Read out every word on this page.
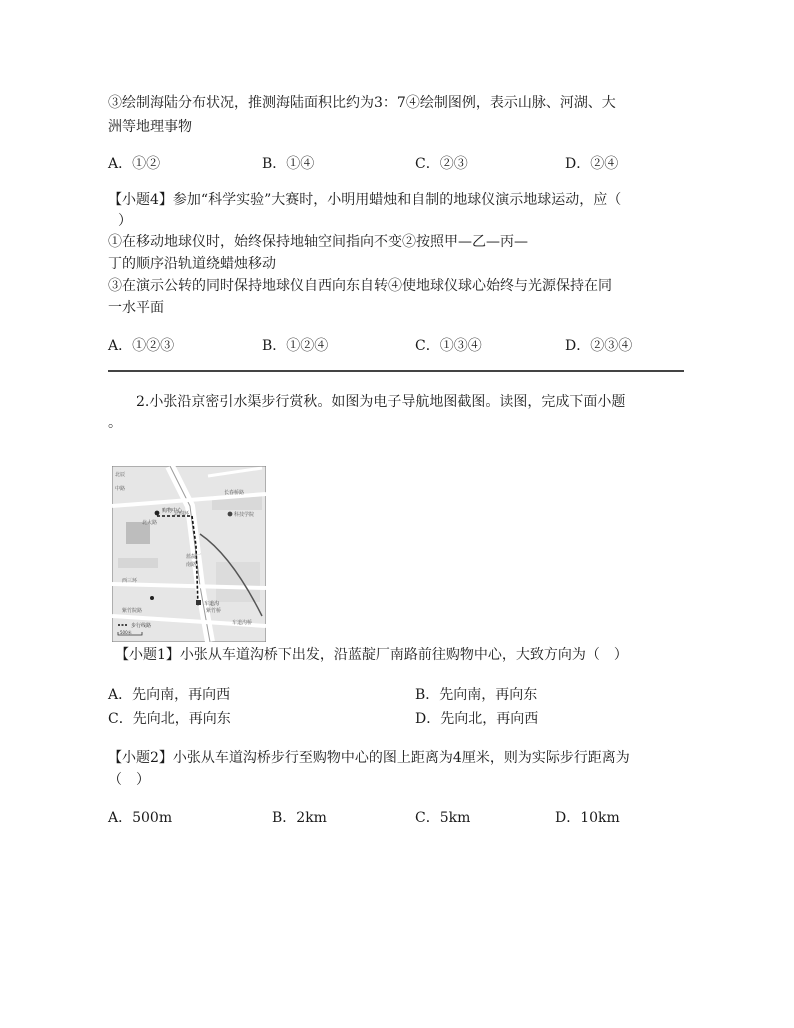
③绘制海陆分布状况，推测海陆面积比约为3：7④绘制图例，表示山脉、河湖、大
洲等地理事物
A．①②	B．①④	C．②③	D．②④
【小题4】参加“科学实验”大赛时，小明用蜡烛和自制的地球仪演示地球运动，应（
）
①在移动地球仪时，始终保持地轴空间指向不变②按照甲—乙—丙—
丁的顺序沿轨道绕蜡烛移动
③在演示公转的同时保持地球仪自西向东自转④使地球仪球心始终与光源保持在同
一水平面
A．①②③	B．①②④	C．①③④	D．②③④
2.小张沿京密引水渠步行赏秋。如图为电子导航地图截图。读图，完成下面小题
。
北辰
中路
购物中心
北大路
北四环
长春桥路
科技学院
蓝靛厂
南路
西三环
车道沟
紫竹院路	紫竹桥
车道沟桥
步行线路
500米
【小题1】小张从车道沟桥下出发，沿蓝靛厂南路前往购物中心，大致方向为（　）
A．先向南，再向西	B．先向南，再向东
C．先向北，再向东	D．先向北，再向西
【小题2】小张从车道沟桥步行至购物中心的图上距离为4厘米，则为实际步行距离为
（　）
A．500m	B．2km	C．5km	D．10km
